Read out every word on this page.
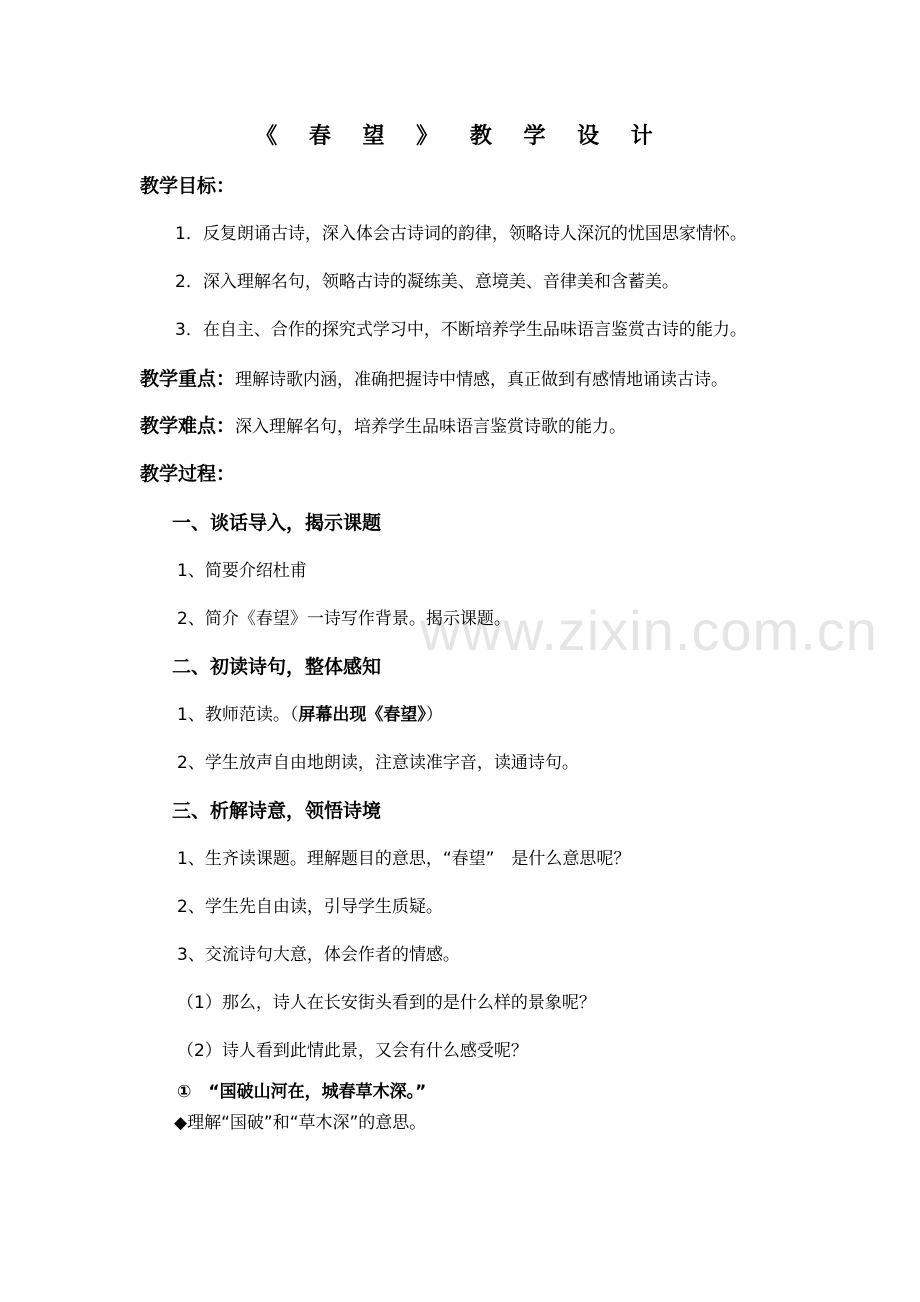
www.zixin.com.cn
《 春 望 》 教 学 设 计
教学目标：
1．反复朗诵古诗，深入体会古诗词的韵律，领略诗人深沉的忧国思家情怀。
2．深入理解名句，领略古诗的凝练美、意境美、音律美和含蓄美。
3．在自主、合作的探究式学习中，不断培养学生品味语言鉴赏古诗的能力。
教学重点：理解诗歌内涵，准确把握诗中情感，真正做到有感情地诵读古诗。
教学难点：深入理解名句，培养学生品味语言鉴赏诗歌的能力。
教学过程：
一、谈话导入，揭示课题
1、简要介绍杜甫
2、简介《春望》一诗写作背景。揭示课题。
二、初读诗句，整体感知
1、教师范读。（屏幕出现《春望》）
2、学生放声自由地朗读，注意读准字音，读通诗句。
三、析解诗意，领悟诗境
1、生齐读课题。理解题目的意思，“春望”　是什么意思呢？
2、学生先自由读，引导学生质疑。
3、交流诗句大意，体会作者的情感。
（1）那么，诗人在长安街头看到的是什么样的景象呢？
（2）诗人看到此情此景，又会有什么感受呢？
①　“国破山河在，城春草木深。”
◆理解“国破”和“草木深”的意思。
